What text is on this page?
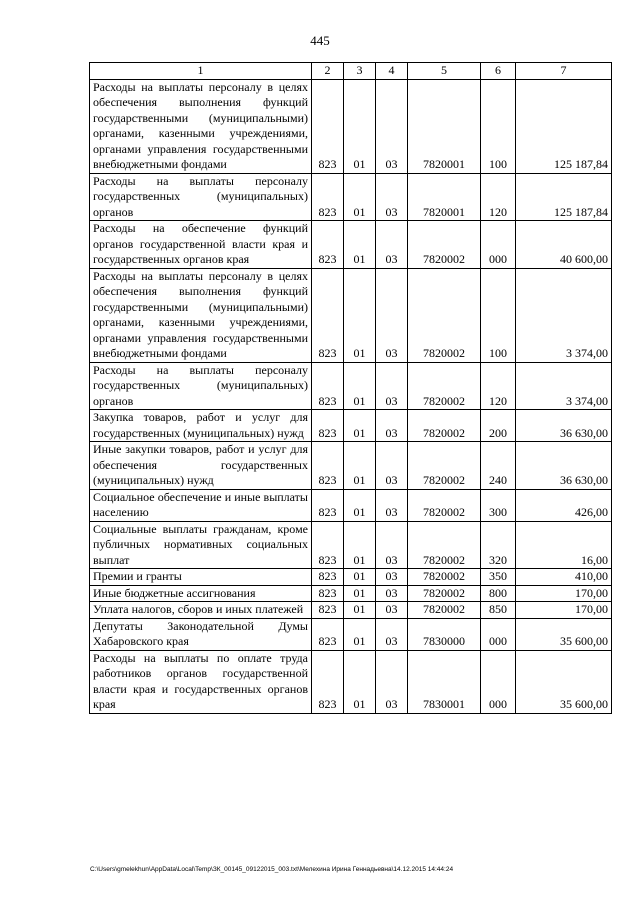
445
1	2	3	4	5	6	7
Расходы на выплаты персоналу в целях обеспечения выполнения функций государственными (муниципальными) органами, казенными учреждениями, органами управления государственными внебюджетными фондами	823	01	03	7820001	100	125 187,84
Расходы на выплаты персоналу государственных (муниципальных) органов	823	01	03	7820001	120	125 187,84
Расходы на обеспечение функций органов государственной власти края и государственных органов края	823	01	03	7820002	000	40 600,00
Расходы на выплаты персоналу в целях обеспечения выполнения функций государственными (муниципальными) органами, казенными учреждениями, органами управления государственными внебюджетными фондами	823	01	03	7820002	100	3 374,00
Расходы на выплаты персоналу государственных (муниципальных) органов	823	01	03	7820002	120	3 374,00
Закупка товаров, работ и услуг для государственных (муниципальных) нужд	823	01	03	7820002	200	36 630,00
Иные закупки товаров, работ и услуг для обеспечения государственных (муниципальных) нужд	823	01	03	7820002	240	36 630,00
Социальное обеспечение и иные выплаты населению	823	01	03	7820002	300	426,00
Социальные выплаты гражданам, кроме публичных нормативных социальных выплат	823	01	03	7820002	320	16,00
Премии и гранты	823	01	03	7820002	350	410,00
Иные бюджетные ассигнования	823	01	03	7820002	800	170,00
Уплата налогов, сборов и иных платежей	823	01	03	7820002	850	170,00
Депутаты Законодательной Думы Хабаровского края	823	01	03	7830000	000	35 600,00
Расходы на выплаты по оплате труда работников органов государственной власти края и государственных органов края	823	01	03	7830001	000	35 600,00
C:\Users\gmelekhun\AppData\Local\Temp\ЗК_00145_09122015_003.txt\Мелехина Ирина Геннадьевна\14.12.2015 14:44:24
